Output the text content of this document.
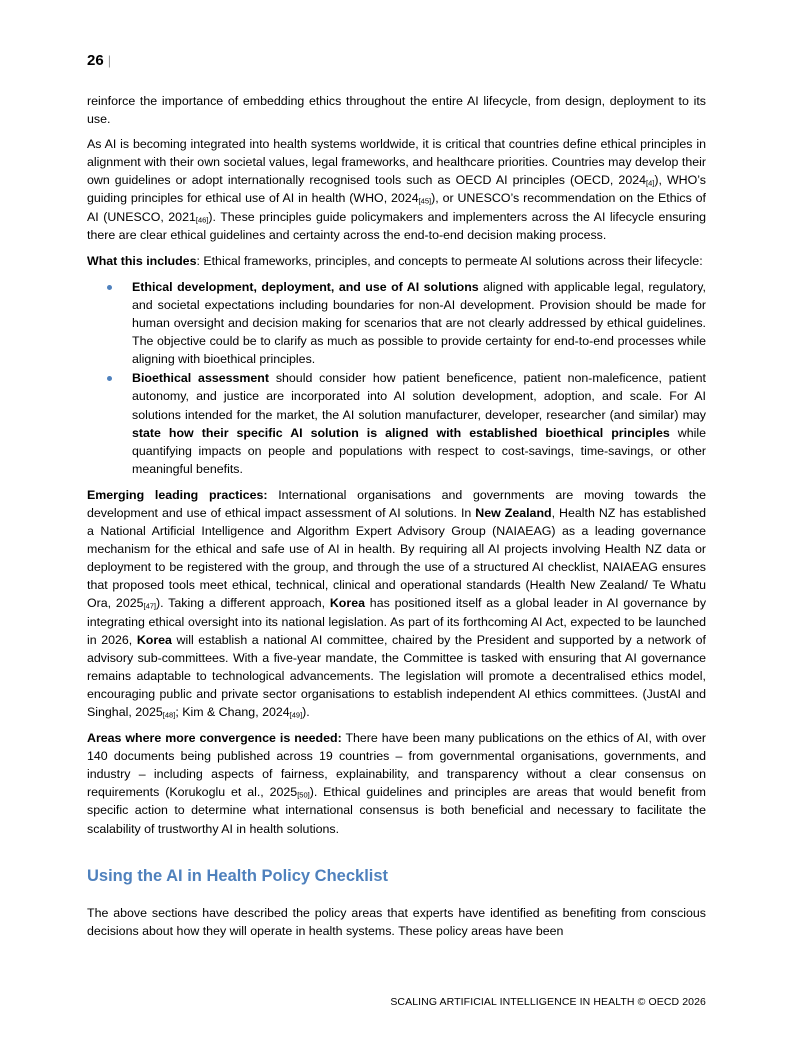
26 |

reinforce the importance of embedding ethics throughout the entire AI lifecycle, from design, deployment to its use.

As AI is becoming integrated into health systems worldwide, it is critical that countries define ethical principles in alignment with their own societal values, legal frameworks, and healthcare priorities. Countries may develop their own guidelines or adopt internationally recognised tools such as OECD AI principles (OECD, $2024_{[4]}$), WHO’s guiding principles for ethical use of AI in health (WHO, $2024_{[45]}$), or UNESCO’s recommendation on the Ethics of AI (UNESCO, $2021_{[46]}$). These principles guide policymakers and implementers across the AI lifecycle ensuring there are clear ethical guidelines and certainty across the end-to-end decision making process.

What this includes: Ethical frameworks, principles, and concepts to permeate AI solutions across their lifecycle:

Ethical development, deployment, and use of AI solutions aligned with applicable legal, regulatory, and societal expectations including boundaries for non-AI development. Provision should be made for human oversight and decision making for scenarios that are not clearly addressed by ethical guidelines. The objective could be to clarify as much as possible to provide certainty for end-to-end processes while aligning with bioethical principles.
Bioethical assessment should consider how patient beneficence, patient non-maleficence, patient autonomy, and justice are incorporated into AI solution development, adoption, and scale. For AI solutions intended for the market, the AI solution manufacturer, developer, researcher (and similar) may state how their specific AI solution is aligned with established bioethical principles while quantifying impacts on people and populations with respect to cost-savings, time-savings, or other meaningful benefits.

Emerging leading practices: International organisations and governments are moving towards the development and use of ethical impact assessment of AI solutions. In New Zealand, Health NZ has established a National Artificial Intelligence and Algorithm Expert Advisory Group (NAIAEAG) as a leading governance mechanism for the ethical and safe use of AI in health. By requiring all AI projects involving Health NZ data or deployment to be registered with the group, and through the use of a structured AI checklist, NAIAEAG ensures that proposed tools meet ethical, technical, clinical and operational standards (Health New Zealand/ Te Whatu Ora, $2025_{[47]}$). Taking a different approach, Korea has positioned itself as a global leader in AI governance by integrating ethical oversight into its national legislation. As part of its forthcoming AI Act, expected to be launched in 2026, Korea will establish a national AI committee, chaired by the President and supported by a network of advisory sub-committees. With a five-year mandate, the Committee is tasked with ensuring that AI governance remains adaptable to technological advancements. The legislation will promote a decentralised ethics model, encouraging public and private sector organisations to establish independent AI ethics committees. (JustAI and Singhal, $2025_{[48]}$; Kim & Chang, $2024_{[49]}$).

Areas where more convergence is needed: There have been many publications on the ethics of AI, with over 140 documents being published across 19 countries – from governmental organisations, governments, and industry – including aspects of fairness, explainability, and transparency without a clear consensus on requirements (Korukoglu et al., $2025_{[50]}$). Ethical guidelines and principles are areas that would benefit from specific action to determine what international consensus is both beneficial and necessary to facilitate the scalability of trustworthy AI in health solutions.

Using the AI in Health Policy Checklist

The above sections have described the policy areas that experts have identified as benefiting from conscious decisions about how they will operate in health systems. These policy areas have been

SCALING ARTIFICIAL INTELLIGENCE IN HEALTH © OECD 2026
